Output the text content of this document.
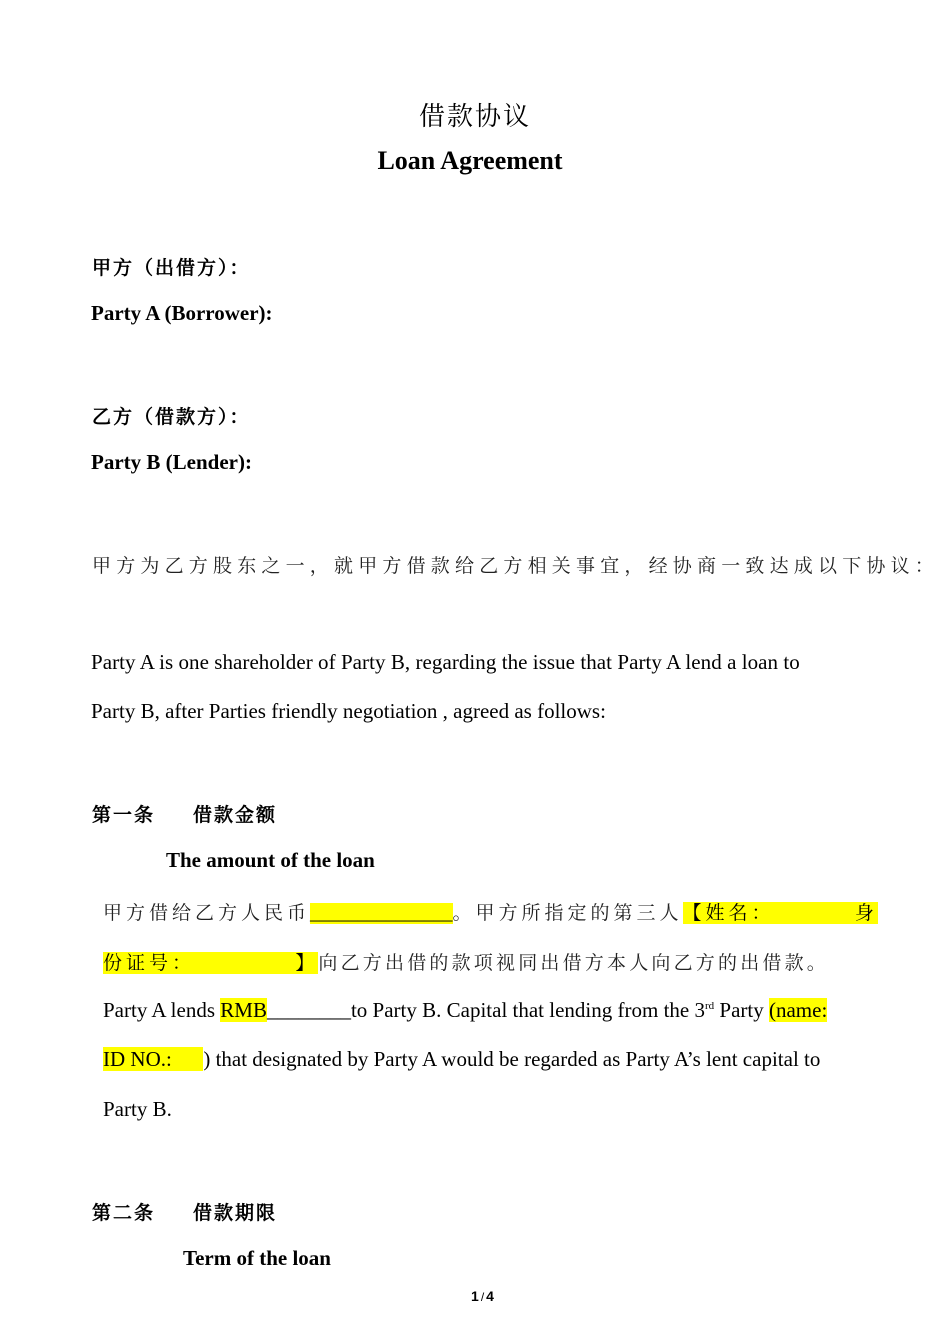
借款协议
Loan Agreement
甲方（出借方）：
Party A (Borrower):
乙方（借款方）：
Party B (Lender):
甲方为乙方股东之一，就甲方借款给乙方相关事宜，经协商一致达成以下协议：
Party A is one shareholder of Party B, regarding the issue that Party A lend a loan to
Party B, after Parties friendly negotiation , agreed as follows:
第一条 借款金额
The amount of the loan
甲方借给乙方人民币_______________。甲方所指定的第三人【姓名：        身
份证号：          】向乙方出借的款项视同出借方本人向乙方的出借款。
Party A lends RMB________to Party B. Capital that lending from the 3rd Party (name:
ID NO.:      ) that designated by Party A would be regarded as Party A’s lent capital to
Party B.
第二条 借款期限
Term of the loan
1 / 4
